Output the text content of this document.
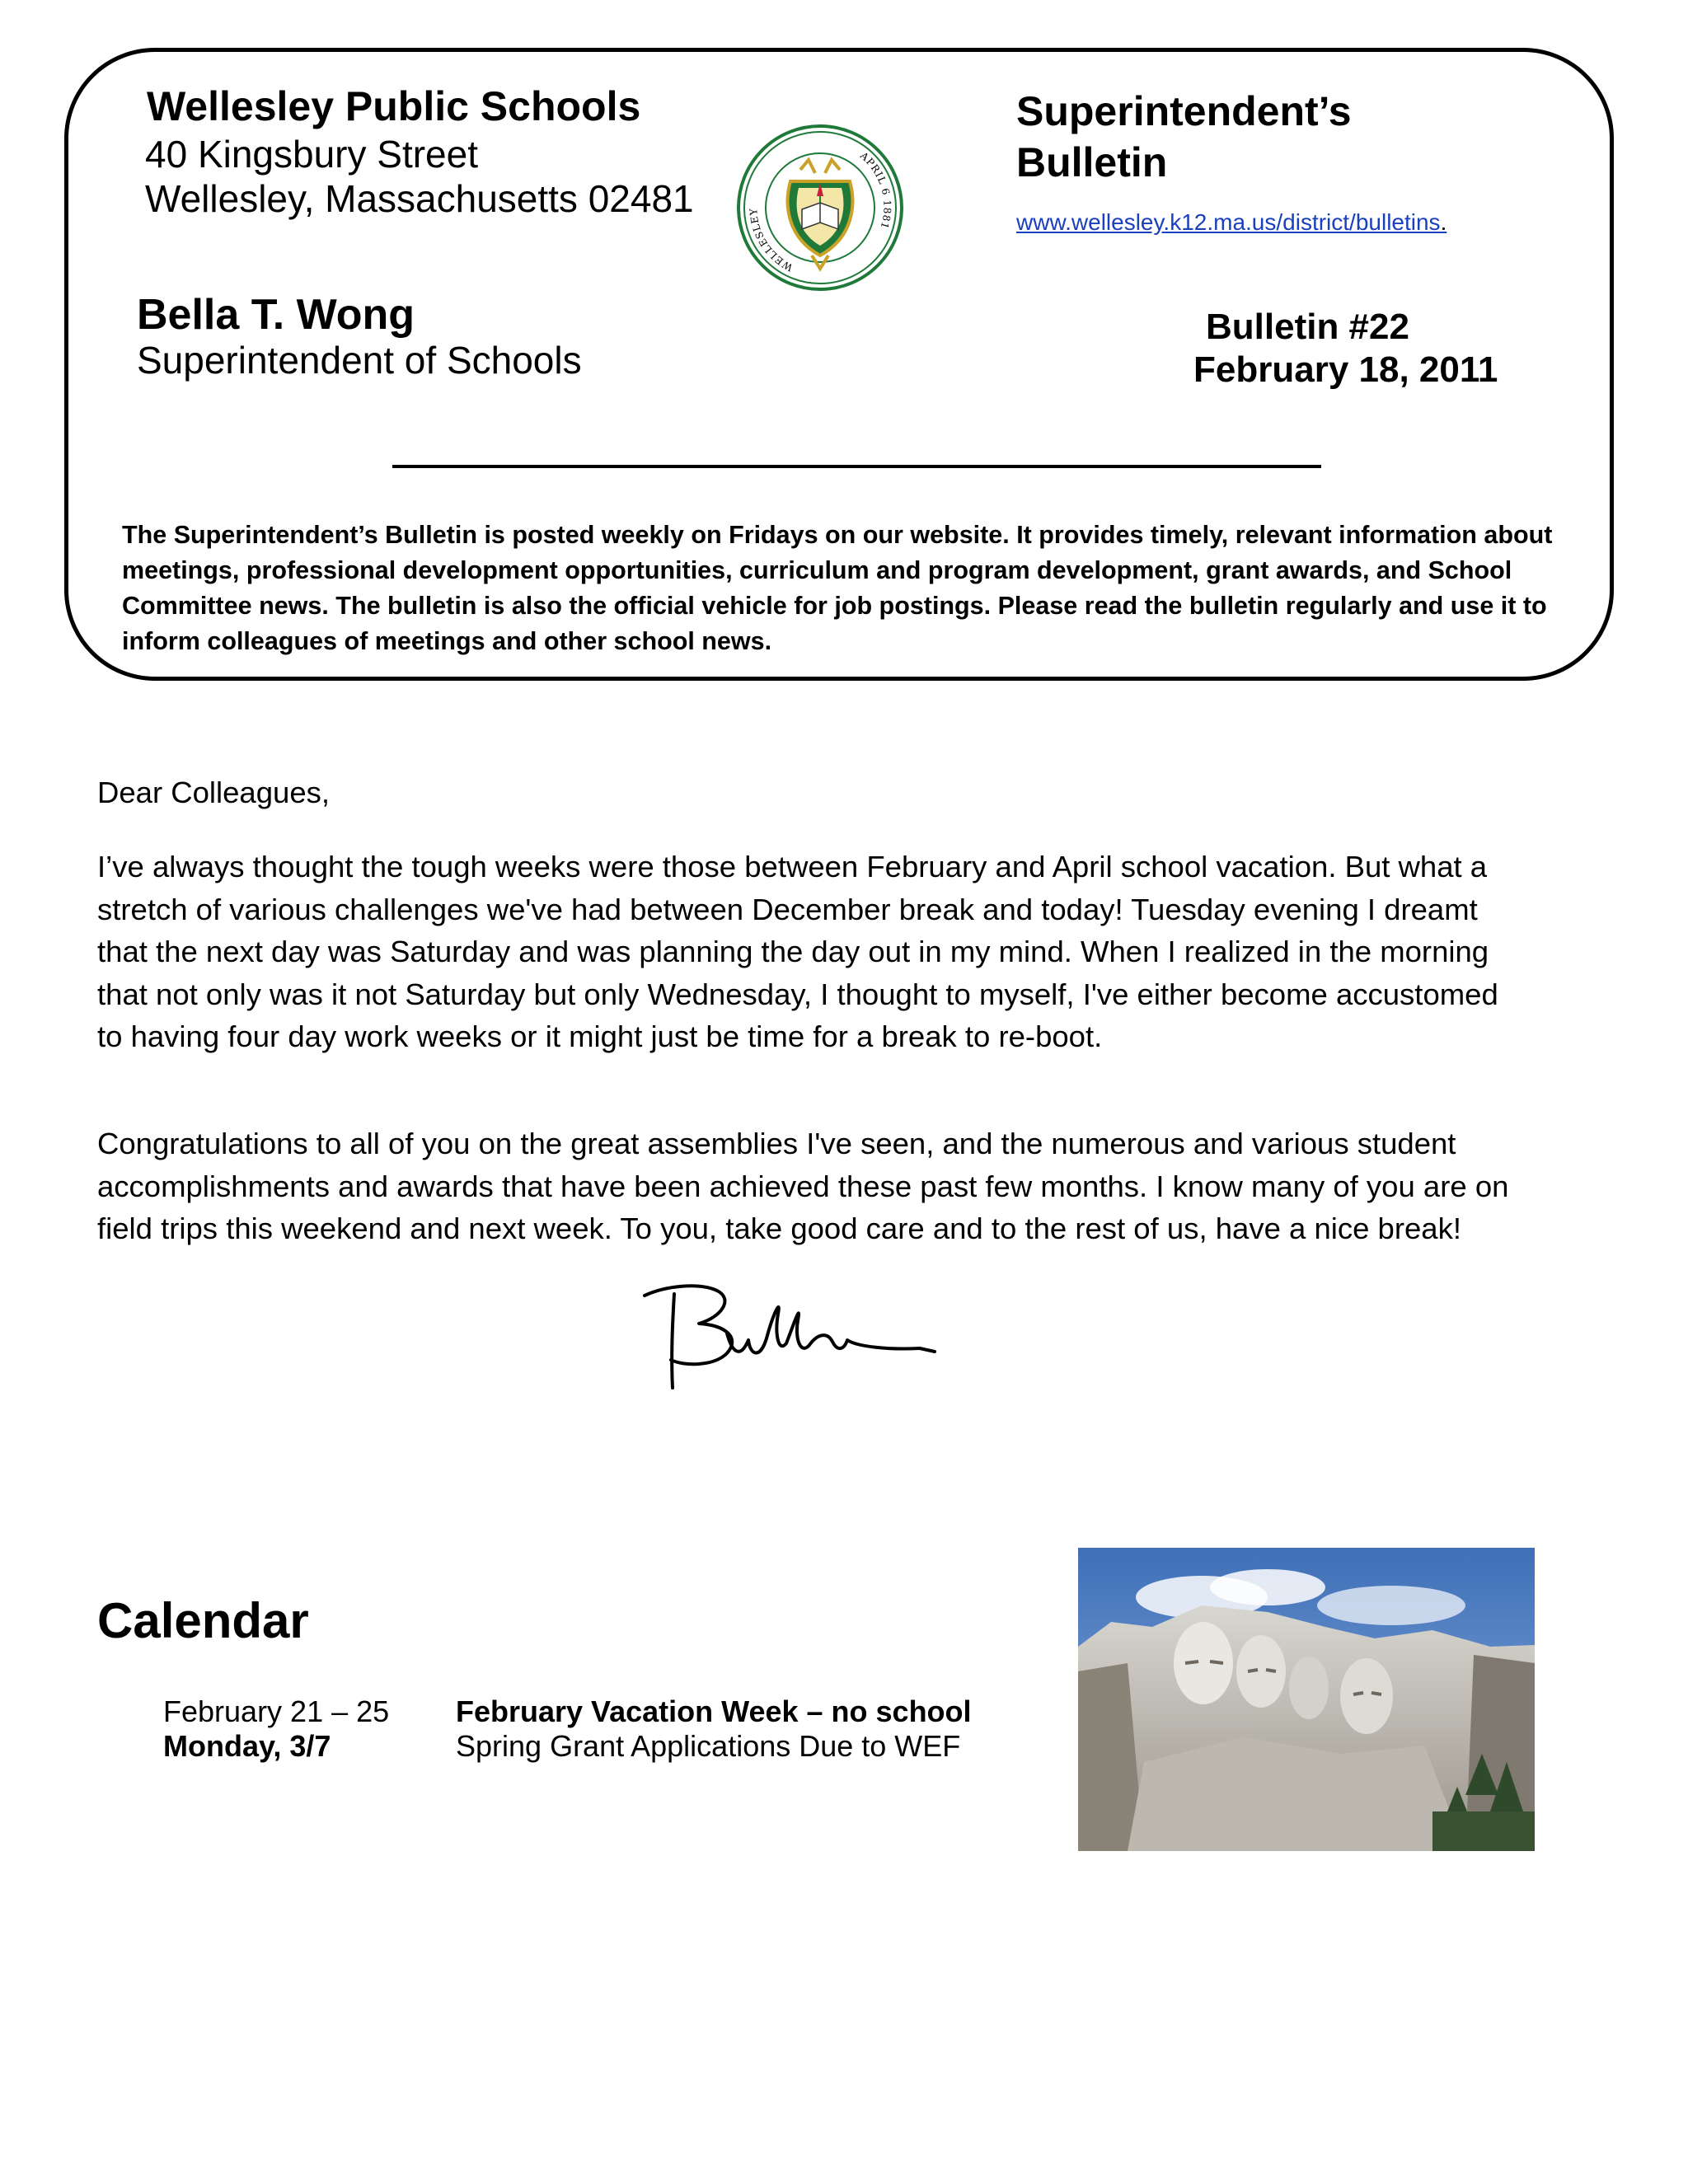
Wellesley Public Schools
40 Kingsbury Street
Wellesley, Massachusetts 02481
WELLESLEY
APRIL 6 1881
Superintendent’s Bulletin
www.wellesley.k12.ma.us/district/bulletins.
Bella T. Wong
Superintendent of Schools
Bulletin #22
February 18, 2011
The Superintendent’s Bulletin is posted weekly on Fridays on our website. It provides timely, relevant information about meetings, professional development opportunities, curriculum and program development, grant awards, and School Committee news. The bulletin is also the official vehicle for job postings. Please read the bulletin regularly and use it to inform colleagues of meetings and other school news.
Dear Colleagues,
I’ve always thought the tough weeks were those between February and April school vacation. But what a stretch of various challenges we've had between December break and today! Tuesday evening I dreamt that the next day was Saturday and was planning the day out in my mind. When I realized in the morning that not only was it not Saturday but only Wednesday, I thought to myself, I've either become accustomed to having four day work weeks or it might just be time for a break to re-boot.
Congratulations to all of you on the great assemblies I've seen, and the numerous and various student accomplishments and awards that have been achieved these past few months. I know many of you are on field trips this weekend and next week. To you, take good care and to the rest of us, have a nice break!
Calendar
February 21 – 25 February Vacation Week – no school
Monday, 3/7	Spring Grant Applications Due to WEF
